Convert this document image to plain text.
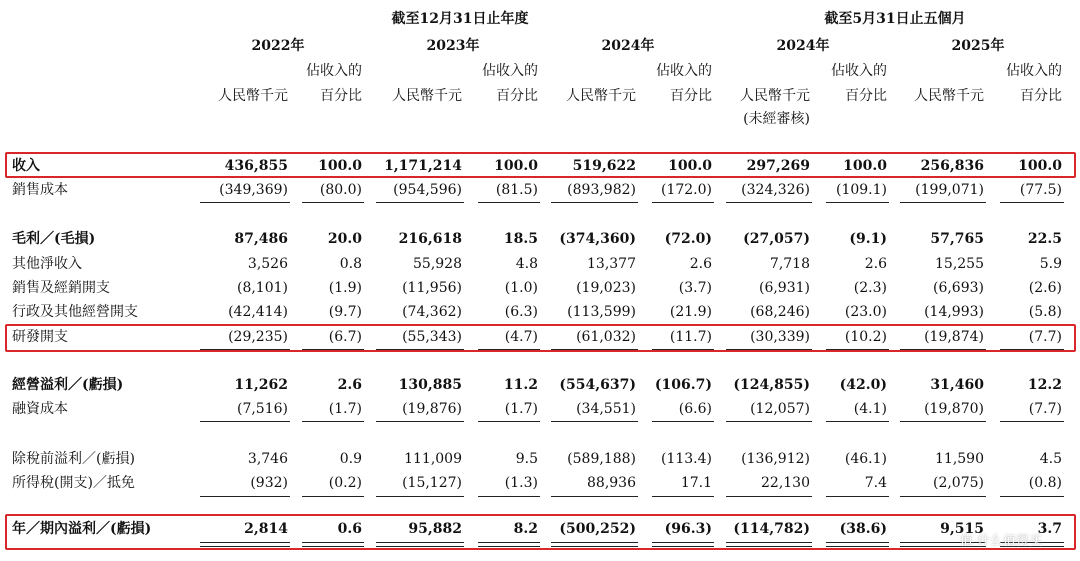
截至12月31日止年度	截至5月31日止五個月
2022年	2023年	2024年	2024年	2025年
佔收入的	佔收入的	佔收入的	佔收入的	佔收入的
人民幣千元	百分比	人民幣千元	百分比	人民幣千元	百分比	人民幣千元	百分比	人民幣千元	百分比
(未經審核)
收入	436,855	100.0	1,171,214	100.0	519,622	100.0	297,269	100.0	256,836	100.0
銷售成本	(349,369)	(80.0)	(954,596)	(81.5)	(893,982)	(172.0)	(324,326)	(109.1)	(199,071)	(77.5)
毛利／(毛損)	87,486	20.0	216,618	18.5	(374,360)	(72.0)	(27,057)	(9.1)	57,765	22.5
其他淨收入	3,526	0.8	55,928	4.8	13,377	2.6	7,718	2.6	15,255	5.9
銷售及經銷開支	(8,101)	(1.9)	(11,956)	(1.0)	(19,023)	(3.7)	(6,931)	(2.3)	(6,693)	(2.6)
行政及其他經營開支	(42,414)	(9.7)	(74,362)	(6.3)	(113,599)	(21.9)	(68,246)	(23.0)	(14,993)	(5.8)
研發開支	(29,235)	(6.7)	(55,343)	(4.7)	(61,032)	(11.7)	(30,339)	(10.2)	(19,874)	(7.7)
經營溢利／(虧損)	11,262	2.6	130,885	11.2	(554,637) (106.7)	(124,855)	(42.0)	31,460	12.2
融資成本	(7,516)	(1.7)	(19,876)	(1.7)	(34,551)	(6.6)	(12,057)	(4.1)	(19,870)	(7.7)
除稅前溢利／(虧損)	3,746	0.9	111,009	9.5	(589,188)	(113.4)	(136,912)	(46.1)	11,590	4.5
所得稅(開支)／抵免	(932)	(0.2)	(15,127)	(1.3)	88,936	17.1	22,130	7.4	(2,075)	(0.8)
年／期內溢利／(虧損)	2,814	0.6	95,882	8.2	(500,252)	(96.3)	(114,782)	(38.6)	9,515	3.7
值 什么值得买
